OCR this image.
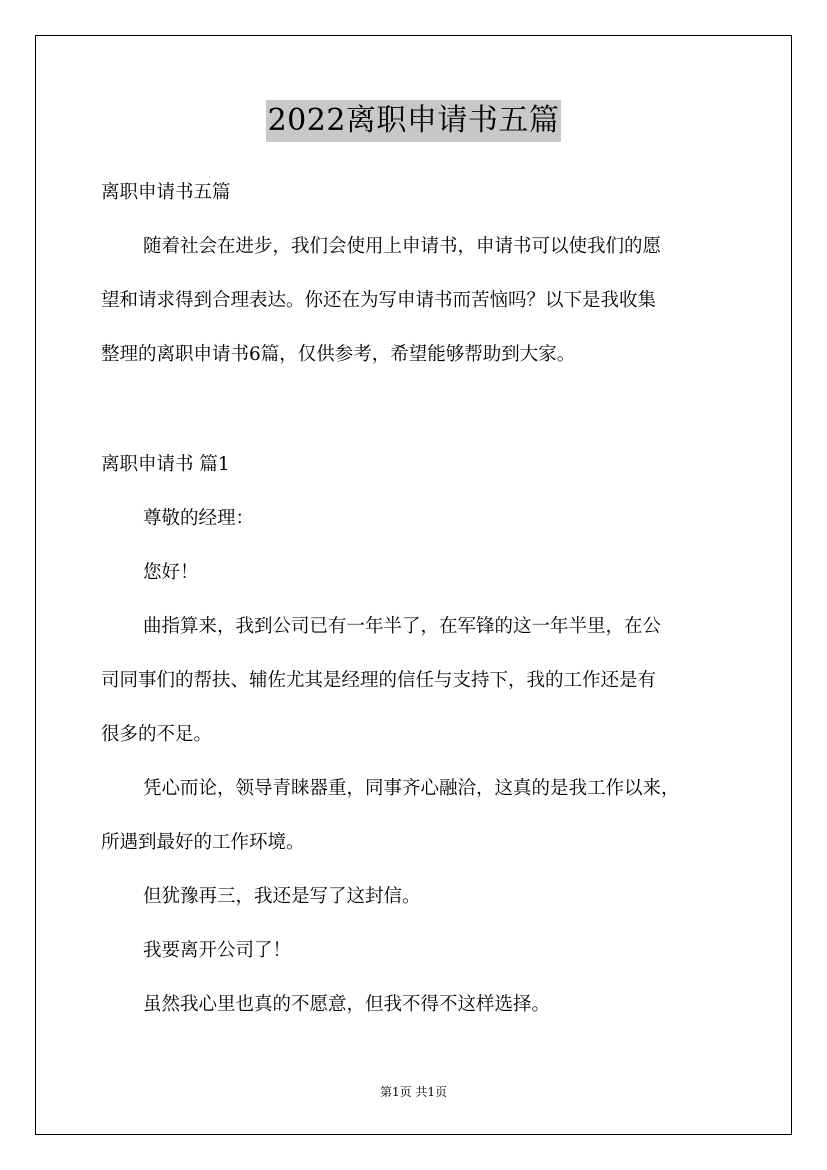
2022离职申请书五篇
离职申请书五篇
随着社会在进步，我们会使用上申请书，申请书可以使我们的愿
望和请求得到合理表达。你还在为写申请书而苦恼吗？以下是我收集
整理的离职申请书6篇，仅供参考，希望能够帮助到大家。
离职申请书 篇1
尊敬的经理：
您好！
曲指算来，我到公司已有一年半了，在军锋的这一年半里，在公
司同事们的帮扶、辅佐尤其是经理的信任与支持下，我的工作还是有
很多的不足。
凭心而论，领导青睐器重，同事齐心融洽，这真的是我工作以来，
所遇到最好的工作环境。
但犹豫再三，我还是写了这封信。
我要离开公司了！
虽然我心里也真的不愿意，但我不得不这样选择。
第1页 共1页
